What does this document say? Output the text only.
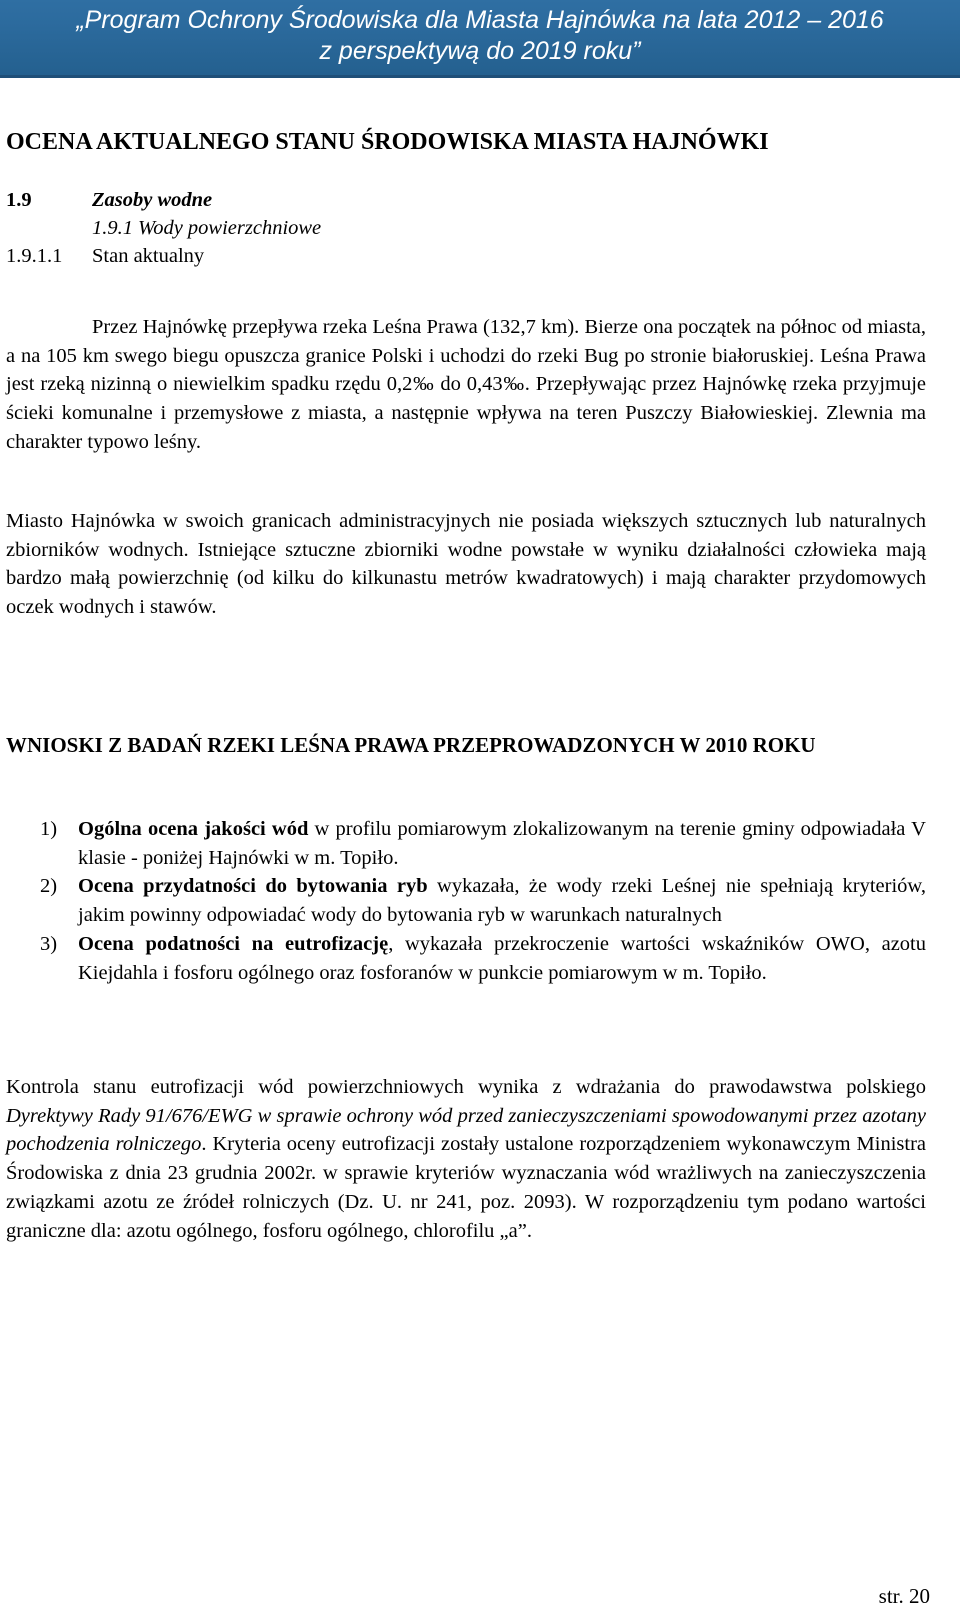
„Program Ochrony Środowiska dla Miasta Hajnówka na lata 2012 – 2016
z perspektywą do 2019 roku”
OCENA AKTUALNEGO STANU ŚRODOWISKA MIASTA HAJNÓWKI
1.9	Zasoby wodne
1.9.1 Wody powierzchniowe
1.9.1.1 Stan aktualny

Przez Hajnówkę przepływa rzeka Leśna Prawa (132,7 km). Bierze ona początek na północ od miasta, a na 105 km swego biegu opuszcza granice Polski i uchodzi do rzeki Bug po stronie białoruskiej. Leśna Prawa jest rzeką nizinną o niewielkim spadku rzędu 0,2‰ do 0,43‰. Przepływając przez Hajnówkę rzeka przyjmuje ścieki komunalne i przemysłowe z miasta, a następnie wpływa na teren Puszczy Białowieskiej. Zlewnia ma charakter typowo leśny.

Miasto Hajnówka w swoich granicach administracyjnych nie posiada większych sztucznych lub naturalnych zbiorników wodnych. Istniejące sztuczne zbiorniki wodne powstałe w wyniku działalności człowieka mają bardzo małą powierzchnię (od kilku do kilkunastu metrów kwadratowych) i mają charakter przydomowych oczek wodnych i stawów.

WNIOSKI Z BADAŃ RZEKI LEŚNA PRAWA PRZEPROWADZONYCH W 2010 ROKU

1) Ogólna ocena jakości wód w profilu pomiarowym zlokalizowanym na terenie gminy odpowiadała V klasie - poniżej Hajnówki w m. Topiło.
2) Ocena przydatności do bytowania ryb wykazała, że wody rzeki Leśnej nie spełniają kryteriów, jakim powinny odpowiadać wody do bytowania ryb w warunkach naturalnych
3) Ocena podatności na eutrofizację, wykazała przekroczenie wartości wskaźników OWO, azotu Kiejdahla i fosforu ogólnego oraz fosforanów w punkcie pomiarowym w m. Topiło.

Kontrola stanu eutrofizacji wód powierzchniowych wynika z wdrażania do prawodawstwa polskiego Dyrektywy Rady 91/676/EWG w sprawie ochrony wód przed zanieczyszczeniami spowodowanymi przez azotany pochodzenia rolniczego. Kryteria oceny eutrofizacji zostały ustalone rozporządzeniem wykonawczym Ministra Środowiska z dnia 23 grudnia 2002r. w sprawie kryteriów wyznaczania wód wrażliwych na zanieczyszczenia związkami azotu ze źródeł rolniczych (Dz. U. nr 241, poz. 2093). W rozporządzeniu tym podano wartości graniczne dla: azotu ogólnego, fosforu ogólnego, chlorofilu „a”.

str. 20
